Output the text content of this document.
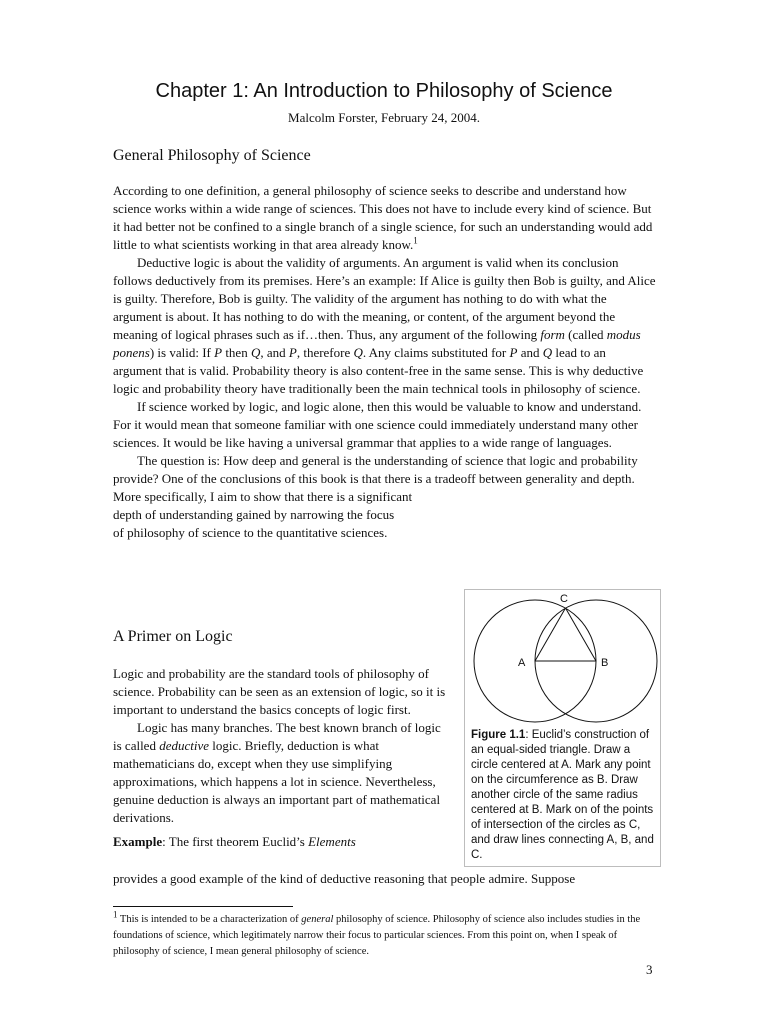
Chapter 1: An Introduction to Philosophy of Science
Malcolm Forster, February 24, 2004.
General Philosophy of Science

According to one definition, a general philosophy of science seeks to describe and understand how science works within a wide range of sciences. This does not have to include every kind of science. But it had better not be confined to a single branch of a single science, for such an understanding would add little to what scientists working in that area already know.$^1$

Deductive logic is about the validity of arguments. An argument is valid when its conclusion follows deductively from its premises. Here’s an example: If Alice is guilty then Bob is guilty, and Alice is guilty. Therefore, Bob is guilty. The validity of the argument has nothing to do with what the argument is about. It has nothing to do with the meaning, or content, of the argument beyond the meaning of logical phrases such as if…then. Thus, any argument of the following form (called modus ponens) is valid: If P then Q, and P, therefore Q. Any claims substituted for P and Q lead to an argument that is valid. Probability theory is also content-free in the same sense. This is why deductive logic and probability theory have traditionally been the main technical tools in philosophy of science.

If science worked by logic, and logic alone, then this would be valuable to know and understand. For it would mean that someone familiar with one science could immediately understand many other sciences. It would be like having a universal grammar that applies to a wide range of languages.

The question is: How deep and general is the understanding of science that logic and probability provide? One of the conclusions of this book is that there is a tradeoff between generality and depth. More specifically, I aim to show that there is a significant

depth of understanding gained by narrowing the focus

of philosophy of science to the quantitative sciences.

A Primer on Logic

Logic and probability are the standard tools of philosophy of science. Probability can be seen as an extension of logic, so it is important to understand the basics concepts of logic first.

Logic has many branches. The best known branch of logic is called deductive logic. Briefly, deduction is what mathematicians do, except when they use simplifying approximations, which happens a lot in science. Nevertheless, genuine deduction is always an important part of mathematical derivations.

Example: The first theorem Euclid’s Elements

provides a good example of the kind of deductive reasoning that people admire. Suppose
C
A	B
Figure 1.1: Euclid’s construction of an equal-sided triangle. Draw a circle centered at A. Mark any point on the circumference as B. Draw another circle of the same radius centered at B. Mark on of the points of intersection of the circles as C, and draw lines connecting A, B, and C.
$^1$ This is intended to be a characterization of general philosophy of science. Philosophy of science also includes studies in the foundations of science, which legitimately narrow their focus to particular sciences. From this point on, when I speak of philosophy of science, I mean general philosophy of science.
3
